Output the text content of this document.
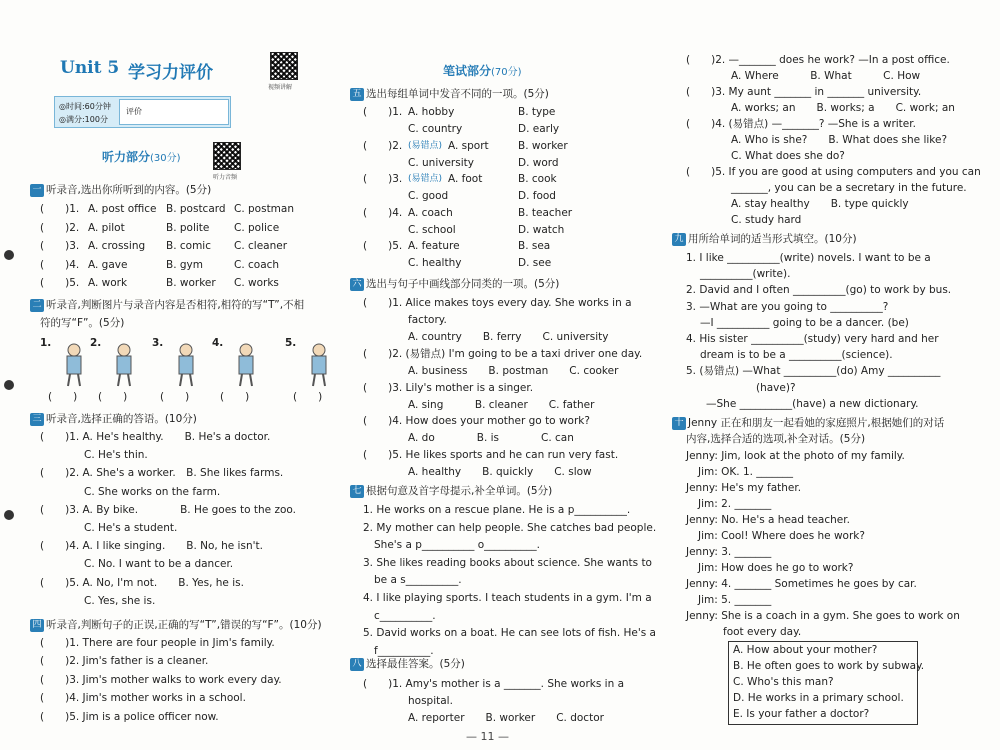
Unit 5 学习力评价
视频讲解
◎时间:60分钟
◎满分:100分
评价
听力部分(30分)
听力音频
一 听录音,选出你所听到的内容。(5分)
二 听录音,判断图片与录音内容是否相符,相符的写“T”,不相
符的写“F”。(5分)
三 听录音,选择正确的答语。(10分)
四 听录音,判断句子的正误,正确的写“T”,错误的写“F”。(10分)
笔试部分(70分)
五 选出每组单词中发音不同的一项。(5分)
六 选出与句子中画线部分同类的一项。(5分)
七 根据句意及首字母提示,补全单词。(5分)
八 选择最佳答案。(5分)
九 用所给单词的适当形式填空。(10分)
十 Jenny 正在和朋友一起看她的家庭照片,根据她们的对话
内容,选择合适的选项,补全对话。(5分)
A. How about your mother?
B. He often goes to work by subway.
C. Who's this man?
D. He works in a primary school.
E. Is your father a doctor?
— 11 —
(　　)1. A. post office B. postcard C. postman
(　　)2. A. pilot	B. polite C. police
(　　)3. A. crossing B. comic C. cleaner
(　　)4. A. gave	B. gym	C. coach
(　　)5. A. work	B. worker C. works
1.
(　　)
2.
(　　)
3.
(　　)
4.
(　　)
5.
(　　)
(　　)1. A. He's healthy.　　B. He's a doctor.
C. He's thin.
(　　)2. A. She's a worker.　B. She likes farms.
C. She works on the farm.
(　　)3. A. By bike.　　　　B. He goes to the zoo.
C. He's a student.
(　　)4. A. I like singing.　　B. No, he isn't.
C. No. I want to be a dancer.
(　　)5. A. No, I'm not.　　B. Yes, he is.
C. Yes, she is.
(　　)1. There are four people in Jim's family.
(　　)2. Jim's father is a cleaner.
(　　)3. Jim's mother walks to work every day.
(　　)4. Jim's mother works in a school.
(　　)5. Jim is a police officer now.
(　　)1. A. hobby	B. type
C. country	D. early
(　　)2. (易错点) A. sport	B. worker
C. university	D. word
(　　)3. (易错点) A. foot	B. cook
C. good	D. food
(　　)4. A. coach	B. teacher
C. school	D. watch
(　　)5. A. feature	B. sea
C. healthy	D. see
(　　)1. Alice makes toys every day. She works in a
factory.
A. country　　B. ferry　　C. university
(　　)2. (易错点) I'm going to be a taxi driver one day.
A. business　　B. postman　　C. cooker
(　　)3. Lily's mother is a singer.
A. sing　　　B. cleaner　　C. father
(　　)4. How does your mother go to work?
A. do　　　　B. is　　　　C. can
(　　)5. He likes sports and he can run very fast.
A. healthy　　B. quickly　　C. slow
1. He works on a rescue plane. He is a p__________.
2. My mother can help people. She catches bad people.
She's a p__________ o__________.
3. She likes reading books about science. She wants to
be a s__________.
4. I like playing sports. I teach students in a gym. I'm a
c__________.
5. David works on a boat. He can see lots of fish. He's a
f__________.
(　　)1. Amy's mother is a _______. She works in a
hospital.
A. reporter　　B. worker　　C. doctor
(　　)2. —_______ does he work? —In a post office.
A. Where　　　B. What　　　C. How
(　　)3. My aunt _______ in _______ university.
A. works; an　　B. works; a　　C. work; an
(　　)4. (易错点) —_______? —She is a writer.
A. Who is she?　　B. What does she like?
C. What does she do?
(　　)5. If you are good at using computers and you can
_______, you can be a secretary in the future.
A. stay healthy　　B. type quickly
C. study hard
1. I like __________(write) novels. I want to be a
__________(write).
2. David and I often __________(go) to work by bus.
3. —What are you going to __________?
—I __________ going to be a dancer. (be)
4. His sister __________(study) very hard and her
dream is to be a __________(science).
5. (易错点) —What __________(do) Amy __________
(have)?
—She __________(have) a new dictionary.
Jenny: Jim, look at the photo of my family.
Jim: OK. 1. _______
Jenny: He's my father.
Jim: 2. _______
Jenny: No. He's a head teacher.
Jim: Cool! Where does he work?
Jenny: 3. _______
Jim: How does he go to work?
Jenny: 4. _______ Sometimes he goes by car.
Jim: 5. _______
Jenny: She is a coach in a gym. She goes to work on
foot every day.
